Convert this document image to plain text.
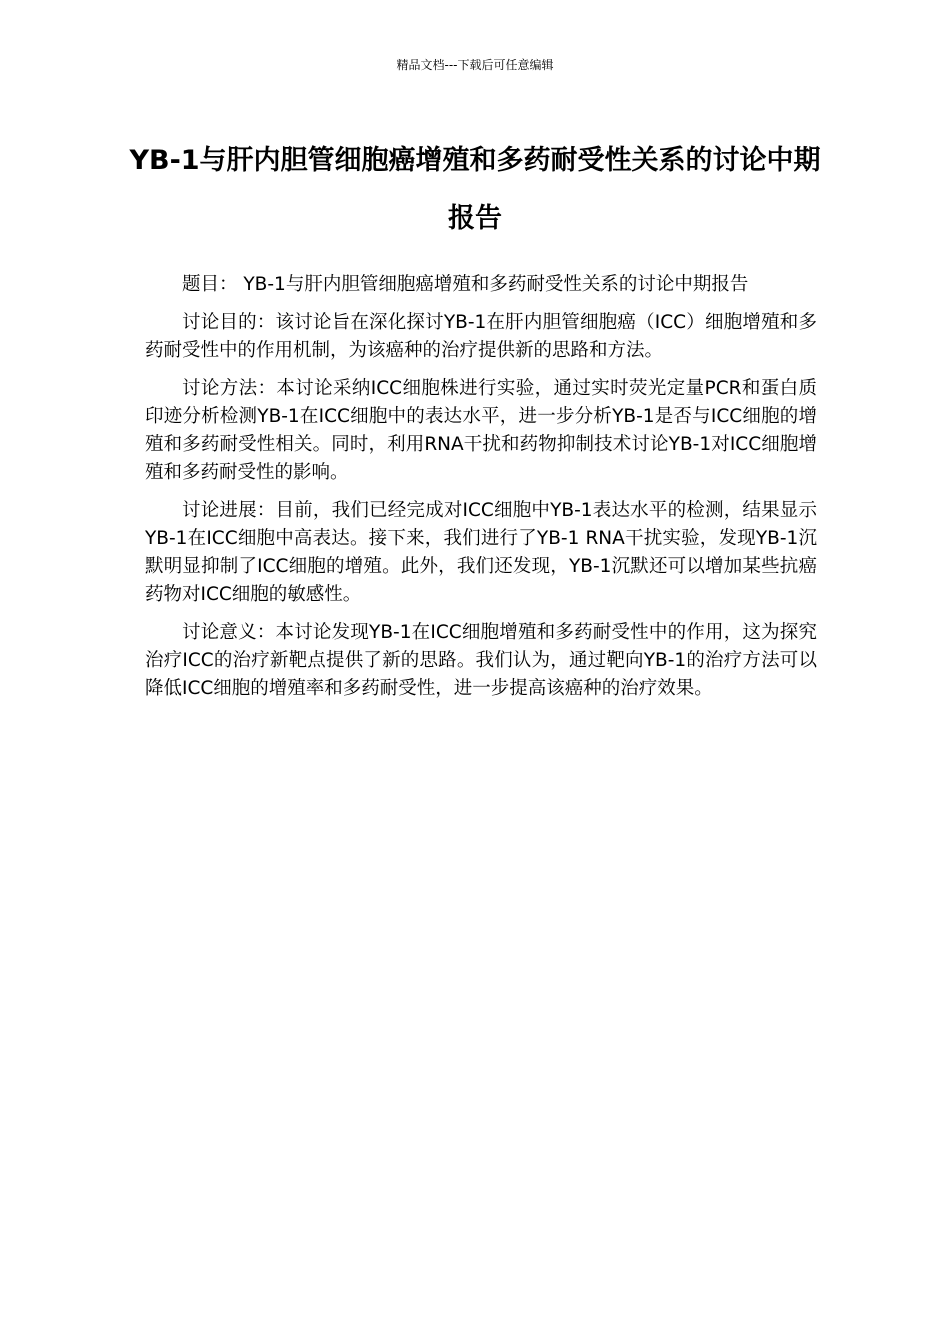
精品文档---下载后可任意编辑
YB-1与肝内胆管细胞癌增殖和多药耐受性关系的讨论中期报告

题目： YB-1与肝内胆管细胞癌增殖和多药耐受性关系的讨论中期报告

讨论目的：该讨论旨在深化探讨YB-1在肝内胆管细胞癌（ICC）细胞增殖和多药耐受性中的作用机制，为该癌种的治疗提供新的思路和方法。

讨论方法：本讨论采纳ICC细胞株进行实验，通过实时荧光定量PCR和蛋白质印迹分析检测YB-1在ICC细胞中的表达水平，进一步分析YB-1是否与ICC细胞的增殖和多药耐受性相关。同时，利用RNA干扰和药物抑制技术讨论YB-1对ICC细胞增殖和多药耐受性的影响。

讨论进展：目前，我们已经完成对ICC细胞中YB-1表达水平的检测，结果显示YB-1在ICC细胞中高表达。接下来，我们进行了YB-1 RNA干扰实验，发现YB-1沉默明显抑制了ICC细胞的增殖。此外，我们还发现，YB-1沉默还可以增加某些抗癌药物对ICC细胞的敏感性。

讨论意义：本讨论发现YB-1在ICC细胞增殖和多药耐受性中的作用，这为探究治疗ICC的治疗新靶点提供了新的思路。我们认为，通过靶向YB-1的治疗方法可以降低ICC细胞的增殖率和多药耐受性，进一步提高该癌种的治疗效果。
